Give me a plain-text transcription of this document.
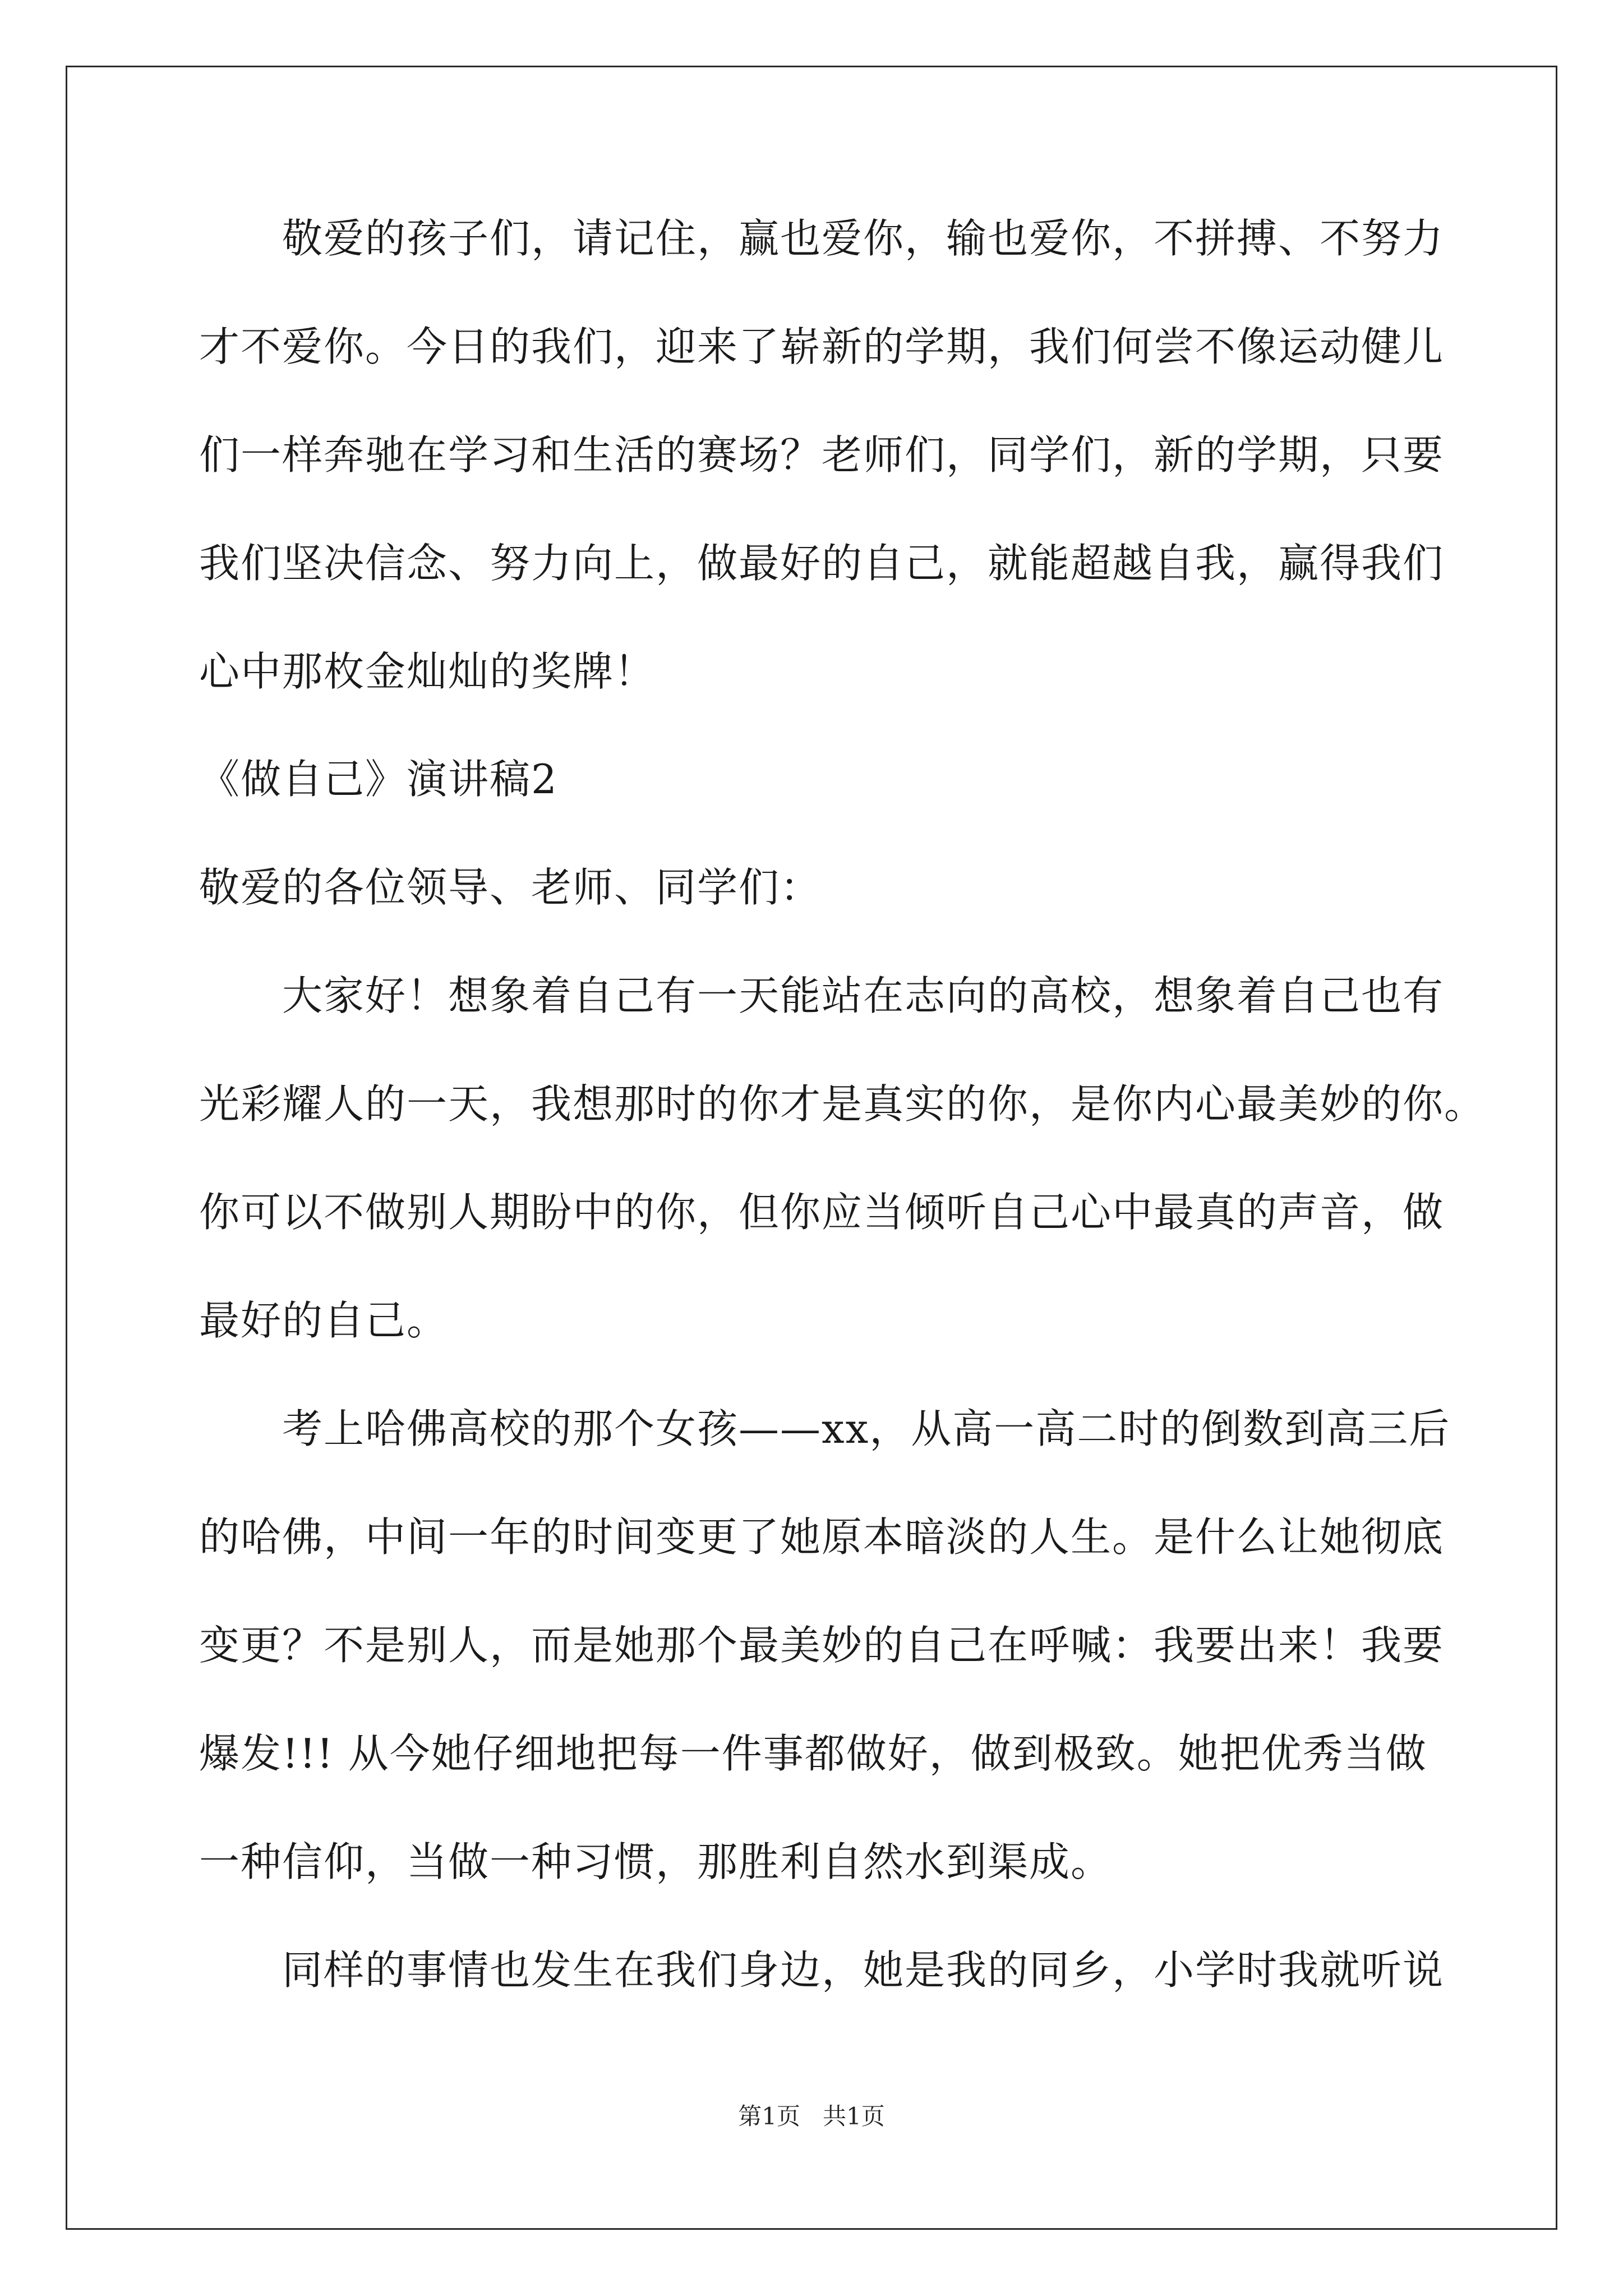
敬爱的孩子们，请记住，赢也爱你，输也爱你，不拼搏、不努力
才不爱你。今日的我们，迎来了崭新的学期，我们何尝不像运动健儿
们一样奔驰在学习和生活的赛场？老师们，同学们，新的学期，只要
我们坚决信念、努力向上，做最好的自己，就能超越自我，赢得我们
心中那枚金灿灿的奖牌！
《做自己》演讲稿2
敬爱的各位领导、老师、同学们：
大家好！想象着自己有一天能站在志向的高校，想象着自己也有
光彩耀人的一天，我想那时的你才是真实的你，是你内心最美妙的你。
你可以不做别人期盼中的你，但你应当倾听自己心中最真的声音，做
最好的自己。
考上哈佛高校的那个女孩——xx，从高一高二时的倒数到高三后
的哈佛，中间一年的时间变更了她原本暗淡的人生。是什么让她彻底
变更？不是别人，而是她那个最美妙的自己在呼喊：我要出来！我要
爆发!!! 从今她仔细地把每一件事都做好，做到极致。她把优秀当做
一种信仰，当做一种习惯，那胜利自然水到渠成。
同样的事情也发生在我们身边，她是我的同乡，小学时我就听说
第1页 共1页
